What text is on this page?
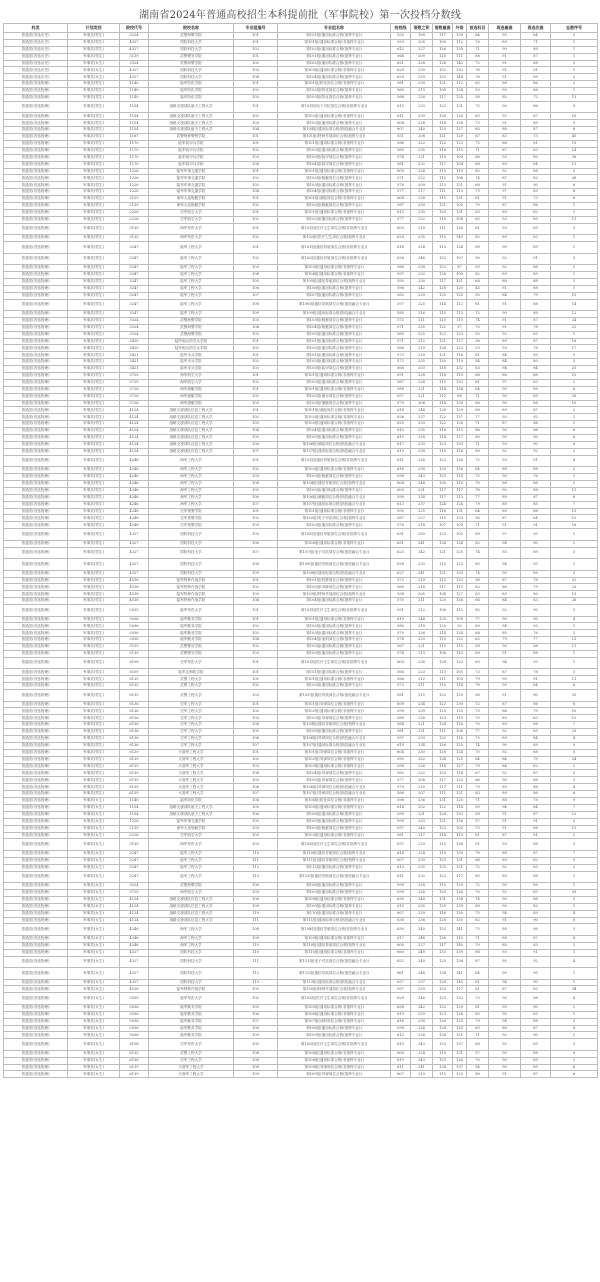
湖南省2024年普通高校招生本科提前批（军事院校）第一次投档分数线
科类	计划类别	院校代号	院校名称	专业组编号	专业组名称	投档线	语数之和	语数最高	外语	首选科目	再选最高	再选次高	志愿序号
普通类(首选历史)	军事类(男生)	3324	武警海警学院	101	第101组(通用标准合格(指挥专业))	553	190	117	129	64	95	84	3
普通类(首选历史)	军事类(男生)	4327	国防科技大学	101	第101组(通用标准合格(非指挥专业))	553	205	109	112	76	89	71	1
普通类(首选历史)	军事类(男生)	4327	国防科技大学	102	第102组(通用标准合格(指挥专业))	612	227	126	135	71	90	89	1
普通类(首选历史)	军事类(男生)	5139	武警警官学院	101	第101组(通用标准合格(指挥专业))	566	209	118	111	68	91	87	1
普通类(首选历史)	军事类(女生)	3324	武警海警学院	102	第102组(通用标准合格(指挥专业))	621	228	126	142	72	91	88	3
普通类(首选历史)	军事类(女生)	4327	国防科技大学	103	第103组(通用标准合格(非指挥专业))	629	239	132	132	76	91	91	1
普通类(首选历史)	军事类(女生)	4327	国防科技大学	104	第104组(通用标准合格(指挥专业))	629	229	132	144	76	91	89	2
普通类(首选物理)	军事类(男生)	1140	陆军防化学院	101	第101组(防化岗位合格(非指挥专业))	581	230	121	112	65	88	86	2
普通类(首选物理)	军事类(男生)	1140	陆军防化学院	102	第102组(防化岗位合格(指挥专业))	569	213	108	124	53	93	86	1
普通类(首选物理)	军事类(男生)	1140	陆军防化学院	103	第103组(防化岗位合格(指挥专业))	568	228	117	125	58	85	72	13
普通类(首选物理)	军事类(男生)	1154	战略支援部队航天工程大学	101	第101组(电子对抗岗位合格(非指挥专业))	615	233	122	131	75	90	86	9
普通类(首选物理)	军事类(男生)	1154	战略支援部队航天工程大学	102	第102组(通用标准合格(非指挥专业))	611	239	128	128	65	92	87	10
普通类(首选物理)	军事类(男生)	1154	战略支援部队航天工程大学	103	第103组(通用标准合格(指挥专业))	604	224	114	128	73	91	89	9
普通类(首选物理)	军事类(男生)	1154	战略支援部队航天工程大学	104	第104组(通用标准合格(指技融合专业))	607	240	123	127	65	88	87	8
普通类(首选物理)	军事类(男生)	1167	武警特种警察学院	101	第101组(特种作战岗位合格(指挥专业))	551	208	121	120	67	83	73	45
普通类(首选物理)	军事类(男生)	1170	陆军装甲兵学院	101	第101组(通用标准合格(非指挥专业))	586	222	122	123	72	88	81	19
普通类(首选物理)	军事类(男生)	1170	陆军装甲兵学院	102	第102组(通用标准合格(指挥专业))	580	235	118	110	71	87	83	14
普通类(首选物理)	军事类(男生)	1170	陆军装甲兵学院	103	第103组(装甲岗位合格(指挥专业))	574	221	119	109	66	93	80	26
普通类(首选物理)	军事类(男生)	1170	陆军装甲兵学院	104	第104组(装甲岗位合格(指挥专业))	581	232	117	108	68	89	84	11
普通类(首选物理)	军事类(男生)	1226	陆军军事交通学院	101	第101组(通用标准合格(非指挥专业))	609	228	115	119	82	92	88	5
普通类(首选物理)	军事类(男生)	1226	陆军军事交通学院	102	第102组(舰艇岗位合格(指挥专业))	571	222	112	106	74	87	82	26
普通类(首选物理)	军事类(男生)	1226	陆军军事交通学院	103	第103组(通用标准合格(指挥专业))	576	209	113	121	68	91	90	6
普通类(首选物理)	军事类(男生)	1226	陆军军事交通学院	104	第104组(通用标准合格(指挥专业))	577	217	111	115	75	97	83	8
普通类(首选物理)	军事类(男生)	2139	海军大连舰艇学院	101	第101组(测绘岗位合格(非指挥专业))	604	228	115	131	81	91	73	6
普通类(首选物理)	军事类(男生)	2139	海军大连舰艇学院	102	第102组(舰艇岗位合格(指挥专业))	587	239	121	105	70	87	86	1
普通类(首选物理)	军事类(男生)	2226	空军航空大学	101	第101组(通用标准合格(非指挥专业))	615	230	120	131	83	89	82	1
普通类(首选物理)	军事类(男生)	2226	空军航空大学	102	第102组(通用标准合格(指挥专业))	577	222	119	108	65	93	89	11
普通类(首选物理)	军事类(男生)	3135	海军军医大学	101	第101组(医疗卫生岗位合格(非指挥专业))	609	219	111	126	81	93	89	3
普通类(首选物理)	军事类(男生)	3135	海军军医大学	102	第102组(医疗卫生岗位合格(指挥专业))	629	235	115	140	82	89	83	1
普通类(首选物理)	军事类(男生)	3247	陆军工程大学	101	第101组(通信导航岗位合格(非指挥专业))	616	224	113	124	89	90	89	1
普通类(首选物理)	军事类(男生)	3247	陆军工程大学	102	第102组(通信导航岗位合格(非指挥专业))	626	246	132	107	90	92	91	3
普通类(首选物理)	军事类(男生)	3247	陆军工程大学	103	第103组(通用标准合格(非指挥专业))	586	238	122	87	93	92	88	1
普通类(首选物理)	军事类(男生)	3247	陆军工程大学	104	第104组(通用标准合格(非指挥专业))	597	232	128	109	82	89	85	1
普通类(首选物理)	军事类(男生)	3247	陆军工程大学	105	第105组(通信导航岗位合格(指挥专业))	595	230	117	121	68	88	88	5
普通类(首选物理)	军事类(男生)	3247	陆军工程大学	106	第106组(通用标准合格(指挥专业))	596	242	128	120	45	91	88	1
普通类(首选物理)	军事类(男生)	3247	陆军工程大学	107	第107组(通用标准合格(指挥专业))	583	239	125	125	50	84	79	15
普通类(首选物理)	军事类(男生)	3247	陆军工程大学	108	第108组(通信导航岗位合格(指技融合专业))	597	225	114	112	81	91	88	14
普通类(首选物理)	军事类(男生)	3247	陆军工程大学	109	第109组(通用标准合格(指技融合专业))	585	216	115	113	72	90	89	12
普通类(首选物理)	军事类(男生)	3324	武警海警学院	103	第103组(舰艇岗位合格(指挥专业))	573	211	115	110	74	91	87	24
普通类(首选物理)	军事类(男生)	3324	武警海警学院	104	第104组(舰艇岗位合格(指挥专业))	571	235	122	97	70	91	78	22
普通类(首选物理)	军事类(男生)	3324	武警海警学院	105	第105组(通用标准合格(指挥专业))	580	225	122	123	55	92	85	1
普通类(首选物理)	军事类(男生)	3420	陆军炮兵防空兵学院	101	第101组(通用标准合格(指挥专业))	571	212	121	127	56	89	87	16
普通类(首选物理)	军事类(男生)	3420	陆军炮兵防空兵学院	102	第102组(通用标准合格(指挥专业))	566	219	124	123	53	93	78	17
普通类(首选物理)	军事类(男生)	3421	陆军步兵学院	101	第101组(通用标准合格(指挥专业))	573	229	121	116	61	84	83	5
普通类(首选物理)	军事类(男生)	3421	陆军步兵学院	102	第102组(通用标准合格(指挥专业))	572	235	120	119	54	84	80	3
普通类(首选物理)	军事类(男生)	3421	陆军步兵学院	103	第103组(装甲岗位合格(指挥专业))	566	203	118	132	63	94	84	25
普通类(首选物理)	军事类(男生)	3725	海军航空大学	101	第101组(通用标准合格(非指挥专业))	591	228	118	119	68	88	88	15
普通类(首选物理)	军事类(男生)	3725	海军航空大学	102	第102组(通用标准合格(指挥专业))	587	224	119	132	61	97	83	2
普通类(首选物理)	军事类(男生)	3726	海军潜艇学院	101	第101组(通用标准合格(非指挥专业))	589	221	114	124	64	90	89	6
普通类(首选物理)	军事类(男生)	3726	海军潜艇学院	102	第102组(潜水岗位合格(指挥专业))	557	221	112	88	71	90	89	26
普通类(首选物理)	军事类(男生)	3726	海军潜艇学院	103	第103组(潜艇岗位合格(指挥专业))	579	206	114	129	66	90	88	10
普通类(首选物理)	军事类(男生)	4124	战略支援部队信息工程大学	101	第101组(测绘岗位合格(非指挥专业))	618	244	128	129	69	89	87	2
普通类(首选物理)	军事类(男生)	4124	战略支援部队信息工程大学	102	第102组(通用标准合格(非指挥专业))	626	237	122	137	77	93	92	1
普通类(首选物理)	军事类(男生)	4124	战略支援部队信息工程大学	103	第103组(通用标准合格(非指挥专业))	620	233	122	128	71	87	86	1
普通类(首选物理)	军事类(男生)	4124	战略支援部队信息工程大学	104	第104组(通用标准合格(指挥专业))	610	235	118	113	86	90	86	6
普通类(首选物理)	军事类(男生)	4124	战略支援部队信息工程大学	105	第105组(通用标准合格(指挥专业))	615	228	114	127	80	90	90	6
普通类(首选物理)	军事类(男生)	4124	战略支援部队信息工程大学	106	第106组(测绘岗位合格(指技融合专业))	617	233	123	130	71	93	90	6
普通类(首选物理)	军事类(男生)	4124	战略支援部队信息工程大学	107	第107组(通用标准合格(指技融合专业))	619	238	119	116	88	92	92	2
普通类(首选物理)	军事类(男生)	4246	海军工程大学	101	第101组(通信导航岗位合格(非指挥专业))	611	226	122	126	75	93	91	6
普通类(首选物理)	军事类(男生)	4246	海军工程大学	102	第102组(通用标准合格(非指挥专业))	616	230	125	126	84	88	88	2
普通类(首选物理)	军事类(男生)	4246	海军工程大学	103	第103组(舰艇岗位合格(指挥专业))	598	243	125	114	75	90	76	1
普通类(首选物理)	军事类(男生)	4246	海军工程大学	104	第104组(通信导航岗位合格(指挥专业))	604	248	130	110	70	88	88	1
普通类(首选物理)	军事类(男生)	4246	海军工程大学	105	第105组(通用标准合格(指挥专业))	600	231	117	117	76	90	88	11
普通类(首选物理)	军事类(男生)	4246	海军工程大学	106	第106组(潜艇岗位合格(指技融合专业))	599	224	117	113	77	89	87	6
普通类(首选物理)	军事类(男生)	4246	海军工程大学	107	第107组(通用标准合格(指技融合专业))	613	237	124	124	79	88	85	7
普通类(首选物理)	军事类(男生)	4248	空军预警学院	101	第101组(通用标准合格(非指挥专业))	595	225	116	131	64	89	88	13
普通类(首选物理)	军事类(男生)	4248	空军预警学院	102	第102组(电子对抗岗位合格(指挥专业))	587	227	115	133	56	87	84	12
普通类(首选物理)	军事类(男生)	4248	空军预警学院	103	第103组(通用标准合格(指挥专业))	576	214	107	109	71	91	91	16
普通类(首选物理)	军事类(男生)	4327	国防科技大学	105	第105组(通信导航岗位合格(非指挥专业))	631	250	133	100	89	97	95	1
普通类(首选物理)	军事类(男生)	4327	国防科技大学	106	第106组(通用标准合格(非指挥专业))	631	241	124	124	82	94	90	1
普通类(首选物理)	军事类(男生)	4327	国防科技大学	107	第107组(电子对抗岗位合格(指技融合专业))	623	242	121	125	74	93	89	3
普通类(首选物理)	军事类(男生)	4327	国防科技大学	108	第108组(通信导航岗位合格(指技融合专业))	628	233	119	123	85	94	93	1
普通类(首选物理)	军事类(男生)	4327	国防科技大学	109	第109组(通用标准合格(指技融合专业))	627	241	121	133	74	90	89	3
普通类(首选物理)	军事类(男生)	4518	陆军特种作战学院	101	第101组(机降岗位合格(指挥专业))	572	219	113	132	58	87	78	22
普通类(首选物理)	军事类(男生)	4518	陆军特种作战学院	102	第102组(伞降岗位合格(指挥专业))	560	216	117	115	62	88	79	23
普通类(首选物理)	军事类(男生)	4518	陆军特种作战学院	103	第103组(特种作战岗位合格(指挥专业))	558	205	104	127	63	83	80	13
普通类(首选物理)	军事类(男生)	4518	陆军特种作战学院	104	第104组(通用标准合格(指挥专业))	570	211	120	126	66	84	83	26
普通类(首选物理)	军事类(男生)	5035	陆军军医大学	101	第101组(医疗卫生岗位合格(非指挥专业))	591	212	106	115	82	92	90	5
普通类(首选物理)	军事类(男生)	5036	陆军勤务学院	101	第101组(通用标准合格(非指挥专业))	619	244	125	109	77	90	90	4
普通类(首选物理)	军事类(男生)	5036	陆军勤务学院	102	第102组(通用标准合格(指挥专业))	580	219	120	92	85	94	93	1
普通类(首选物理)	军事类(男生)	5036	陆军勤务学院	103	第103组(通用标准合格(指挥专业))	579	226	114	124	68	85	76	2
普通类(首选物理)	军事类(男生)	5036	陆军勤务学院	104	第104组(油料岗位合格(指挥专业))	574	233	119	123	62	79	77	12
普通类(首选物理)	军事类(男生)	5139	武警警官学院	102	第102组(通用标准合格(指挥专业))	567	221	119	110	58	90	88	11
普通类(首选物理)	军事类(男生)	5139	武警警官学院	103	第103组(通用标准合格(指挥专业))	574	213	108	113	69	91	88	1
普通类(首选物理)	军事类(男生)	6108	空军军医大学	101	第101组(医疗卫生岗位合格(非指挥专业))	605	236	124	122	60	94	93	1
普通类(首选物理)	军事类(男生)	6109	陆军边海防学院	101	第101组(通用标准合格(指挥专业))	566	223	113	105	73	87	78	3
普通类(首选物理)	军事类(男生)	6135	武警工程大学	101	第101组(通用标准合格(非指挥专业))	586	212	111	109	79	95	91	11
普通类(首选物理)	军事类(男生)	6135	武警工程大学	102	第102组(通用标准合格(指挥专业))	573	211	110	114	76	95	84	6
普通类(首选物理)	军事类(男生)	6135	武警工程大学	103	第103组(通信导航岗位合格(指技融合专业))	581	215	122	129	56	91	90	25
普通类(首选物理)	军事类(男生)	6136	空军工程大学	101	第101组(导弹岗位合格(非指挥专业))	609	234	122	130	72	87	86	8
普通类(首选物理)	军事类(男生)	6136	空军工程大学	102	第102组(通用标准合格(非指挥专业))	599	239	125	125	70	86	79	10
普通类(首选物理)	军事类(男生)	6136	空军工程大学	103	第103组(导弹岗位合格(指挥专业))	589	228	123	119	70	89	83	12
普通类(首选物理)	军事类(男生)	6136	空军工程大学	104	第104组(通信导航岗位合格(指挥专业))	584	221	124	116	70	89	88	7
普通类(首选物理)	军事类(男生)	6136	空军工程大学	105	第105组(通用标准合格(指挥专业))	581	221	111	106	77	92	85	23
普通类(首选物理)	军事类(男生)	6136	空军工程大学	106	第106组(导弹岗位合格(指技融合专业))	597	233	132	116	75	89	84	4
普通类(首选物理)	军事类(男生)	6136	空军工程大学	107	第107组(通用标准合格(指技融合专业))	619	234	126	123	74	90	89	9
普通类(首选物理)	军事类(男生)	6139	火箭军工程大学	101	第101组(导弹岗位合格(非指挥专业))	604	230	128	124	70	92	88	5
普通类(首选物理)	军事类(男生)	6139	火箭军工程大学	102	第102组(导弹岗位合格(非指挥专业))	590	222	124	125	84	84	75	24
普通类(首选物理)	军事类(男生)	6139	火箭军工程大学	103	第103组(通用标准合格(非指挥专业))	598	226	114	127	79	84	82	2
普通类(首选物理)	军事类(男生)	6139	火箭军工程大学	104	第104组(导弹岗位合格(指挥专业))	582	222	120	114	67	92	87	5
普通类(首选物理)	军事类(男生)	6139	火箭军工程大学	105	第105组(导弹岗位合格(指挥专业))	577	208	117	125	66	90	88	3
普通类(首选物理)	军事类(男生)	6139	火箭军工程大学	106	第106组(导弹岗位合格(指技融合专业))	579	220	117	111	70	89	88	4
普通类(首选物理)	军事类(男生)	6139	火箭军工程大学	107	第107组(导弹岗位合格(指技融合专业))	586	207	111	121	83	89	86	6
普通类(首选物理)	军事类(女生)	1140	陆军防化学院	104	第104组(防化岗位合格(非指挥专业))	598	236	131	125	71	88	78	9
普通类(首选物理)	军事类(女生)	1154	战略支援部队航天工程大学	105	第105组(通用标准合格(非指挥专业))	614	232	122	114	90	94	84	7
普通类(首选物理)	军事类(女生)	1154	战略支援部队航天工程大学	106	第106组(通用标准合格(指挥专业))	599	231	124	132	58	91	87	12
普通类(首选物理)	军事类(女生)	1226	陆军军事交通学院	105	第105组(通用标准合格(指挥专业))	599	233	121	126	57	91	91	5
普通类(首选物理)	军事类(女生)	2139	海军大连舰艇学院	103	第103组(舰艇岗位合格(指挥专业))	597	240	122	105	73	91	88	15
普通类(首选物理)	军事类(女生)	2226	空军航空大学	103	第103组(通用标准合格(非指挥专业))	561	217	114	115	61	87	81	1
普通类(首选物理)	军事类(女生)	3135	海军军医大学	103	第103组(医疗卫生岗位合格(非指挥专业))	637	229	115	136	91	93	88	3
普通类(首选物理)	军事类(女生)	3247	陆军工程大学	110	第110组(通信导航岗位合格(指挥专业))	614	224	119	139	76	88	87	7
普通类(首选物理)	军事类(女生)	3247	陆军工程大学	111	第111组(通信导航岗位合格(指挥专业))	607	239	125	131	66	89	82	9
普通类(首选物理)	军事类(女生)	3247	陆军工程大学	112	第112组(通用标准合格(指挥专业))	613	235	125	131	72	92	83	2
普通类(首选物理)	军事类(女生)	3247	陆军工程大学	113	第113组(通信导航岗位合格(指技融合专业))	611	232	122	117	85	89	88	1
普通类(首选物理)	军事类(女生)	3324	武警海警学院	106	第106组(通用标准合格(指挥专业))	599	228	115	129	72	90	89	1
普通类(首选物理)	军事类(女生)	3725	海军航空大学	103	第103组(通用标准合格(指挥专业))	599	228	120	126	70	92	83	29
普通类(首选物理)	军事类(女生)	4124	战略支援部队信息工程大学	108	第108组(通用标准合格(非指挥专业))	630	240	131	138	74	90	88	5
普通类(首选物理)	军事类(女生)	4124	战略支援部队信息工程大学	109	第109组(通用标准合格(指挥专业))	615	235	129	139	69	90	82	1
普通类(首选物理)	军事类(女生)	4124	战略支援部队信息工程大学	110	第110组(通用标准合格(指挥专业))	607	229	116	130	75	94	89	4
普通类(首选物理)	军事类(女生)	4124	战略支援部队信息工程大学	111	第111组(通用标准合格(指技融合专业))	636	238	128	135	82	91	90	6
普通类(首选物理)	军事类(女生)	4246	海军工程大学	108	第108组(通信导航岗位合格(非指挥专业))	630	240	132	141	75	88	86	3
普通类(首选物理)	军事类(女生)	4246	海军工程大学	109	第109组(通用标准合格(非指挥专业))	617	246	126	110	71	88	87	8
普通类(首选物理)	军事类(女生)	4246	海军工程大学	110	第110组(通信导航岗位合格(指挥专业))	600	227	117	140	70	88	83	2
普通类(首选物理)	军事类(女生)	4327	国防科技大学	110	第110组(通用标准合格(非指挥专业))	660	249	133	139	88	93	91	1
普通类(首选物理)	军事类(女生)	4327	国防科技大学	111	第111组(电子对抗岗位合格(指技融合专业))	652	249	125	138	87	95	92	4
普通类(首选物理)	军事类(女生)	4327	国防科技大学	112	第112组(通信导航岗位合格(指技融合专业))	661	246	134	141	84	95	95	1
普通类(首选物理)	军事类(女生)	4327	国防科技大学	113	第113组(通用标准合格(指技融合专业))	657	237	128	140	81	94	90	1
普通类(首选物理)	军事类(女生)	4518	陆军特种作战学院	105	第105组(特种作战岗位合格(指挥专业))	597	229	120	117	81	87	83	34
普通类(首选物理)	军事类(女生)	5035	陆军军医大学	102	第102组(医疗卫生岗位合格(非指挥专业))	629	246	125	132	73	90	88	4
普通类(首选物理)	军事类(女生)	5036	陆军勤务学院	105	第105组(通用标准合格(非指挥专业))	638	242	122	129	81	95	90	1
普通类(首选物理)	军事类(女生)	5036	陆军勤务学院	106	第106组(通用标准合格(非指挥专业))	619	229	123	126	85	95	85	1
普通类(首选物理)	军事类(女生)	5036	陆军勤务学院	107	第107组(油料岗位合格(非指挥专业))	616	230	126	125	79	94	88	3
普通类(首选物理)	军事类(女生)	5036	陆军勤务学院	108	第108组(通用标准合格(指挥专业))	599	224	124	135	65	88	87	8
普通类(首选物理)	军事类(女生)	5036	陆军勤务学院	109	第109组(通用标准合格(指挥专业))	612	228	124	131	71	92	90	1
普通类(首选物理)	军事类(女生)	6108	空军军医大学	102	第102组(医疗卫生岗位合格(非指挥专业))	619	243	133	137	68	92	89	3
普通类(首选物理)	军事类(女生)	6135	武警工程大学	104	第104组(通用标准合格(非指挥专业))	600	224	119	131	57	90	88	9
普通类(首选物理)	军事类(女生)	6136	空军工程大学	108	第108组(通用标准合格(非指挥专业))	619	243	125	126	70	90	89	2
普通类(首选物理)	军事类(女生)	6139	火箭军工程大学	108	第108组(导弹岗位合格(非指挥专业))	611	241	124	137	54	90	89	6
普通类(首选物理)	军事类(女生)	6139	火箭军工程大学	109	第109组(导弹岗位合格(指挥专业))	607	219	115	123	88	91	87	6
